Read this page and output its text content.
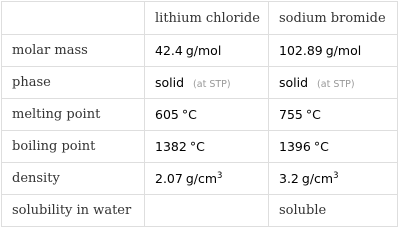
	lithium chloride	sodium bromide
molar mass	42.4 g/mol	102.89 g/mol
phase	solid (at STP)	solid (at STP)
melting point	605 °C	755 °C
boiling point	1382 °C	1396 °C
density	2.07 $g/cm^3$	3.2 $g/cm^3$
solubility in water		soluble
